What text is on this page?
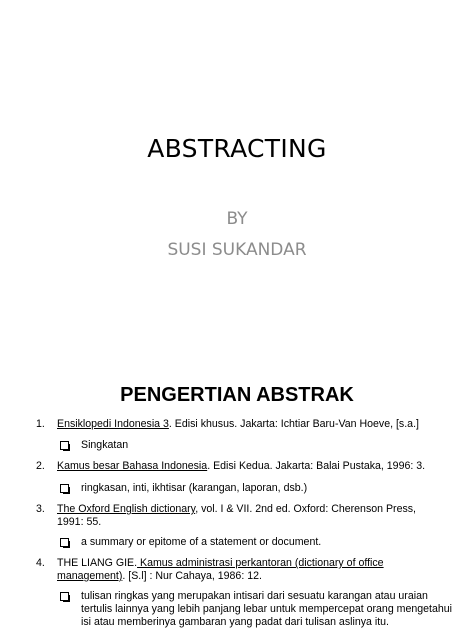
ABSTRACTING
BY
SUSI SUKANDAR
PENGERTIAN ABSTRAK
1. Ensiklopedi Indonesia 3. Edisi khusus. Jakarta: Ichtiar Baru-Van Hoeve, [s.a.]
Singkatan
2. Kamus besar Bahasa Indonesia. Edisi Kedua. Jakarta: Balai Pustaka, 1996: 3.
ringkasan, inti, ikhtisar (karangan, laporan, dsb.)
3. The Oxford English dictionary, vol. I & VII. 2nd ed. Oxford: Cherenson Press, 1991: 55.
a summary or epitome of a statement or document.
4. THE LIANG GIE. Kamus administrasi perkantoran (dictionary of office management). [S.l] : Nur Cahaya, 1986: 12.
tulisan ringkas yang merupakan intisari dari sesuatu karangan atau uraian tertulis lainnya yang lebih panjang lebar untuk mempercepat orang mengetahui isi atau memberinya gambaran yang padat dari tulisan aslinya itu.
